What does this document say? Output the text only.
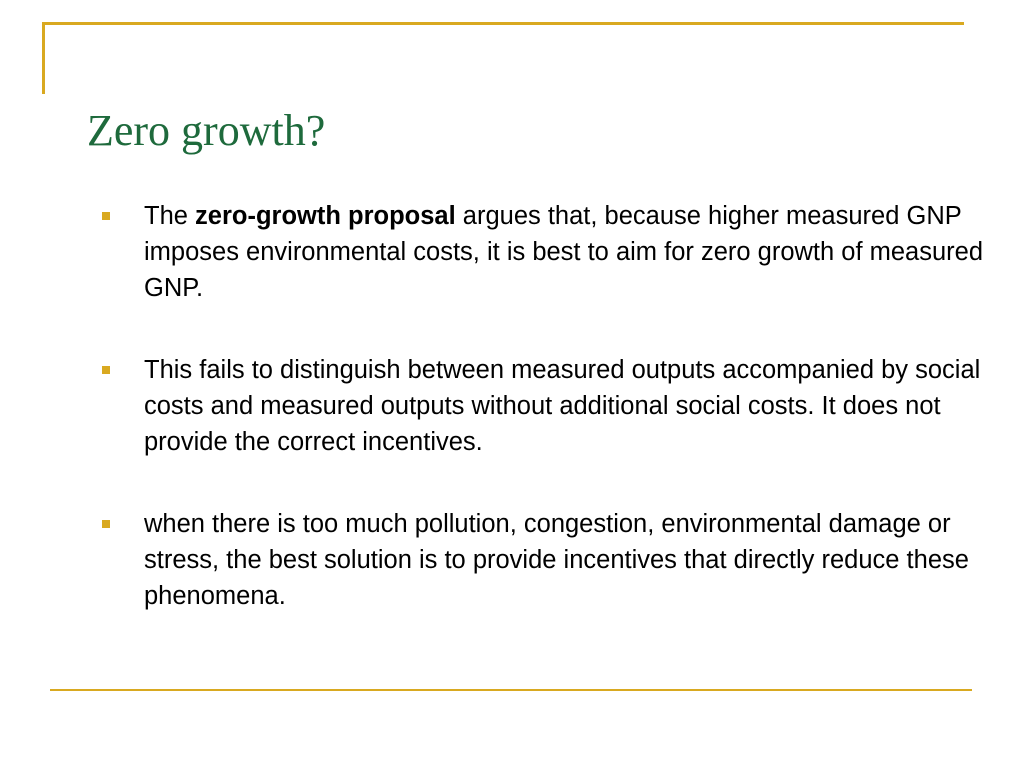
Zero growth?
The zero-growth proposal argues that, because higher measured GNP imposes environmental costs, it is best to aim for zero growth of measured GNP.
This fails to distinguish between measured outputs accompanied by social costs and measured outputs without additional social costs. It does not provide the correct incentives.
when there is too much pollution, congestion, environmental damage or stress, the best solution is to provide incentives that directly reduce these phenomena.
